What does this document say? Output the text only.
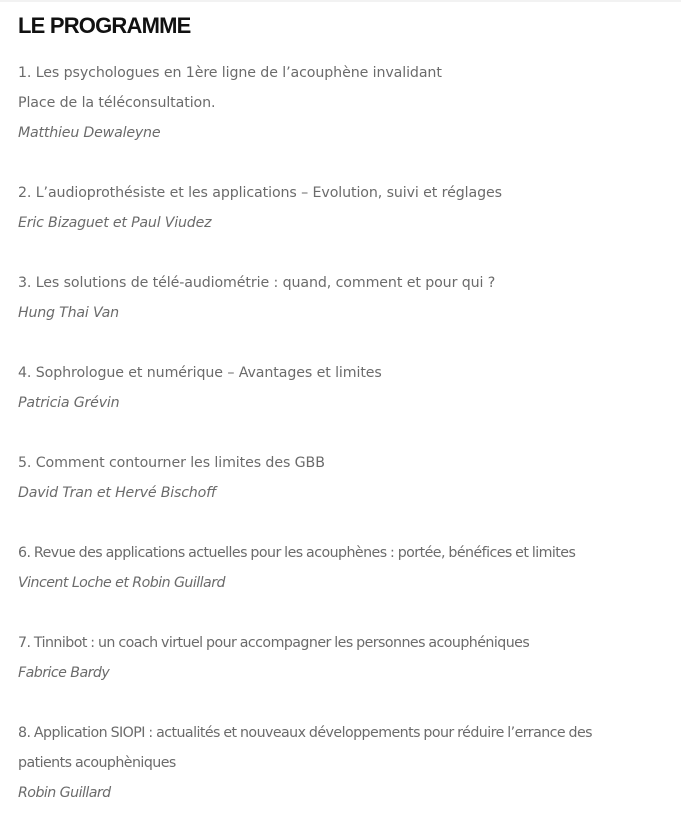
LE PROGRAMME
1. Les psychologues en 1ère ligne de l’acouphène invalidant
Place de la téléconsultation.
Matthieu Dewaleyne
2. L’audioprothésiste et les applications – Evolution, suivi et réglages
Eric Bizaguet et Paul Viudez
3. Les solutions de télé-audiométrie : quand, comment et pour qui ?
Hung Thai Van
4. Sophrologue et numérique – Avantages et limites
Patricia Grévin
5. Comment contourner les limites des GBB
David Tran et Hervé Bischoff
6. Revue des applications actuelles pour les acouphènes : portée, bénéfices et limites
Vincent Loche et Robin Guillard
7. Tinnibot : un coach virtuel pour accompagner les personnes acouphéniques
Fabrice Bardy
8. Application SIOPI : actualités et nouveaux développements pour réduire l’errance des
patients acouphèniques
Robin Guillard
